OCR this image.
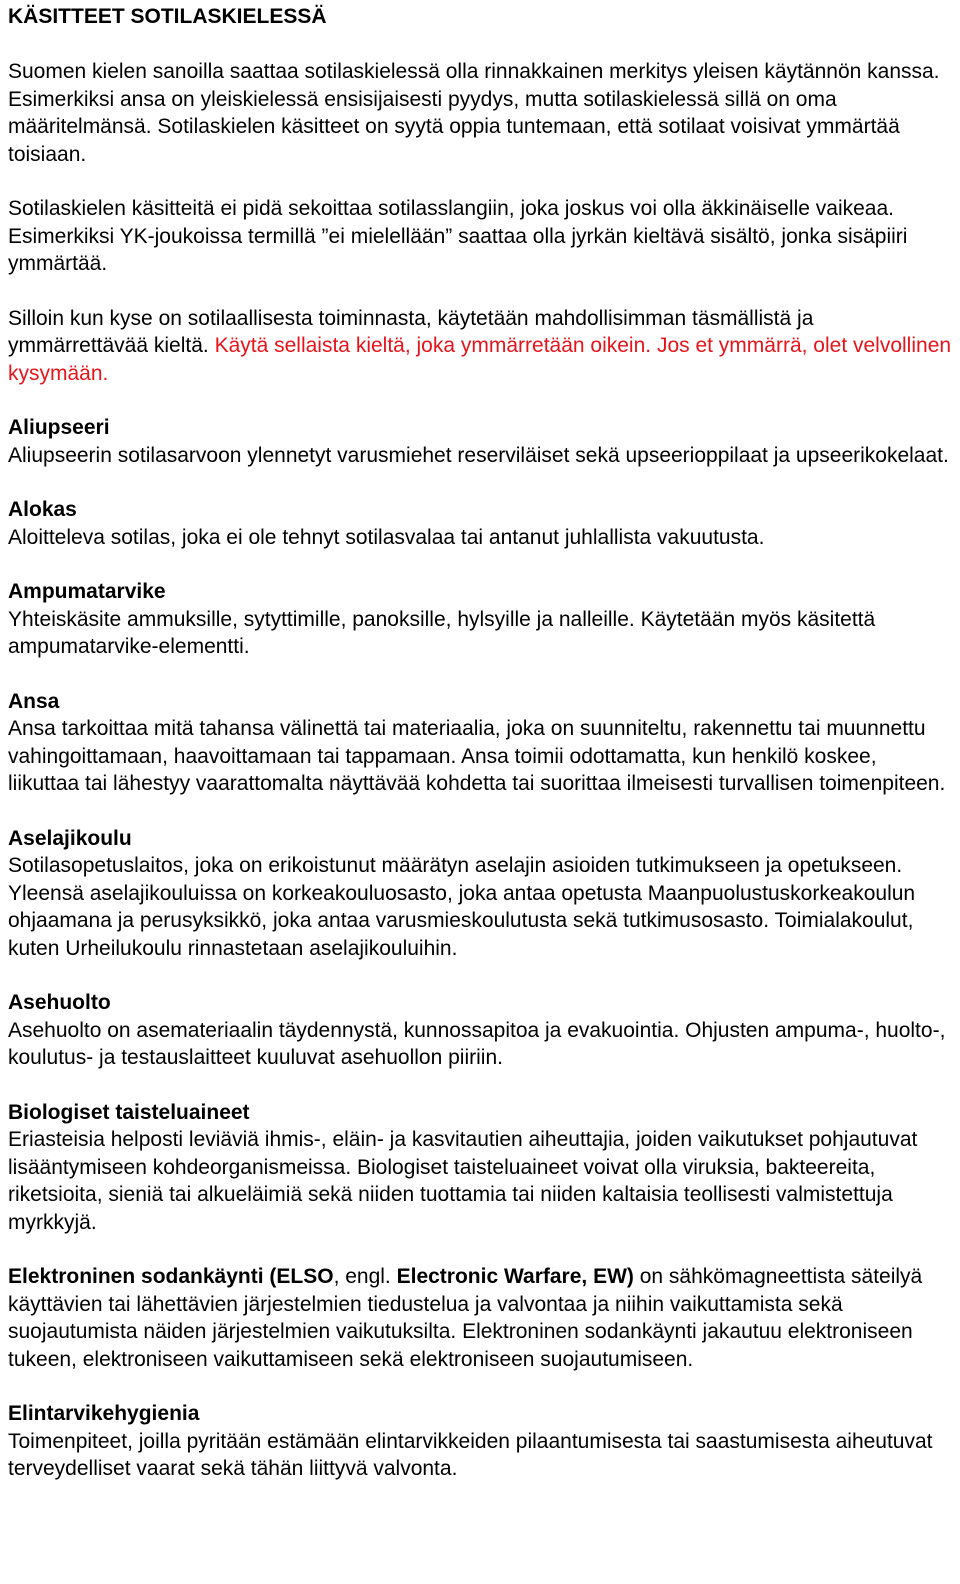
KÄSITTEET SOTILASKIELESSÄ

Suomen kielen sanoilla saattaa sotilaskielessä olla rinnakkainen merkitys yleisen käytännön kanssa. Esimerkiksi ansa on yleiskielessä ensisijaisesti pyydys, mutta sotilaskielessä sillä on oma määritelmänsä. Sotilaskielen käsitteet on syytä oppia tuntemaan, että sotilaat voisivat ymmärtää toisiaan.

Sotilaskielen käsitteitä ei pidä sekoittaa sotilasslangiin, joka joskus voi olla äkkinäiselle vaikeaa. Esimerkiksi YK-joukoissa termillä ”ei mielellään” saattaa olla jyrkän kieltävä sisältö, jonka sisäpiiri ymmärtää.

Silloin kun kyse on sotilaallisesta toiminnasta, käytetään mahdollisimman täsmällistä ja ymmärrettävää kieltä. Käytä sellaista kieltä, joka ymmärretään oikein. Jos et ymmärrä, olet velvollinen kysymään.

Aliupseeri

Aliupseerin sotilasarvoon ylennetyt varusmiehet reserviläiset sekä upseerioppilaat ja upseerikokelaat.

Alokas

Aloitteleva sotilas, joka ei ole tehnyt sotilasvalaa tai antanut juhlallista vakuutusta.

Ampumatarvike

Yhteiskäsite ammuksille, sytyttimille, panoksille, hylsyille ja nalleille. Käytetään myös käsitettä ampumatarvike-elementti.

Ansa

Ansa tarkoittaa mitä tahansa välinettä tai materiaalia, joka on suunniteltu, rakennettu tai muunnettu vahingoittamaan, haavoittamaan tai tappamaan. Ansa toimii odottamatta, kun henkilö koskee, liikuttaa tai lähestyy vaarattomalta näyttävää kohdetta tai suorittaa ilmeisesti turvallisen toimenpiteen.

Aselajikoulu

Sotilasopetuslaitos, joka on erikoistunut määrätyn aselajin asioiden tutkimukseen ja opetukseen. Yleensä aselajikouluissa on korkeakouluosasto, joka antaa opetusta Maanpuolustuskorkeakoulun ohjaamana ja perusyksikkö, joka antaa varusmieskoulutusta sekä tutkimusosasto. Toimialakoulut, kuten Urheilukoulu rinnastetaan aselajikouluihin.

Asehuolto

Asehuolto on asemateriaalin täydennystä, kunnossapitoa ja evakuointia. Ohjusten ampuma-, huolto-, koulutus- ja testauslaitteet kuuluvat asehuollon piiriin.

Biologiset taisteluaineet

Eriasteisia helposti leviäviä ihmis-, eläin- ja kasvitautien aiheuttajia, joiden vaikutukset pohjautuvat lisääntymiseen kohdeorganismeissa. Biologiset taisteluaineet voivat olla viruksia, bakteereita, riketsioita, sieniä tai alkueläimiä sekä niiden tuottamia tai niiden kaltaisia teollisesti valmistettuja myrkkyjä.

Elektroninen sodankäynti (ELSO, engl. Electronic Warfare, EW) on sähkömagneettista säteilyä käyttävien tai lähettävien järjestelmien tiedustelua ja valvontaa ja niihin vaikuttamista sekä suojautumista näiden järjestelmien vaikutuksilta. Elektroninen sodankäynti jakautuu elektroniseen tukeen, elektroniseen vaikuttamiseen sekä elektroniseen suojautumiseen.

Elintarvikehygienia

Toimenpiteet, joilla pyritään estämään elintarvikkeiden pilaantumisesta tai saastumisesta aiheutuvat terveydelliset vaarat sekä tähän liittyvä valvonta.
